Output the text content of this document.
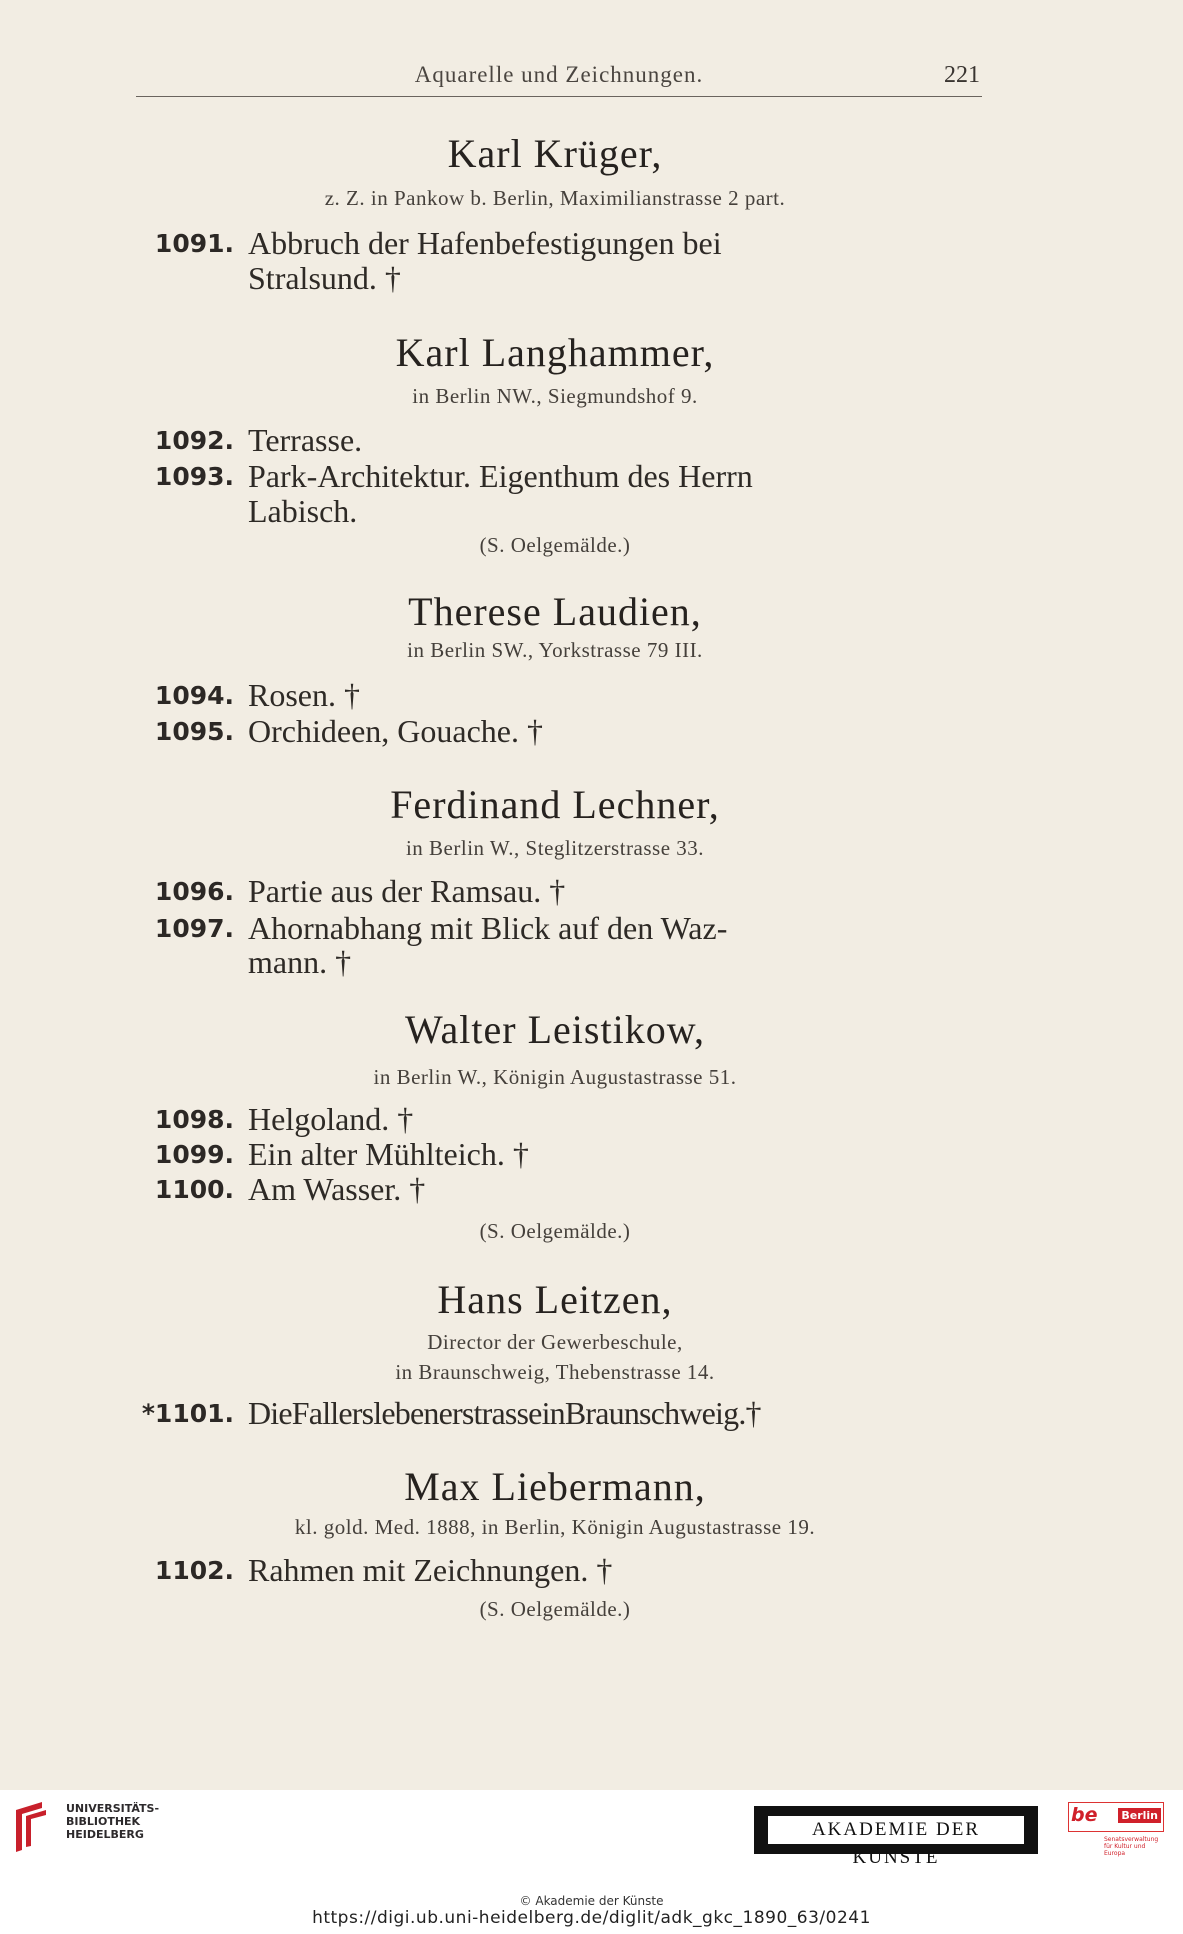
Aquarelle und Zeichnungen.	221
Karl Krüger,
z. Z. in Pankow b. Berlin, Maximilianstrasse 2 part.
1091. Abbruch der Hafenbefestigungen bei
Stralsund. †
Karl Langhammer,
in Berlin NW., Siegmundshof 9.
1092. Terrasse.
1093. Park-Architektur. Eigenthum des Herrn
Labisch.
(S. Oelgemälde.)
Therese Laudien,
in Berlin SW., Yorkstrasse 79 III.
1094. Rosen. †
1095. Orchideen, Gouache. †
Ferdinand Lechner,
in Berlin W., Steglitzerstrasse 33.
1096. Partie aus der Ramsau. †
1097. Ahornabhang mit Blick auf den Waz-
mann. †
Walter Leistikow,
in Berlin W., Königin Augustastrasse 51.
1098. Helgoland. †
1099. Ein alter Mühlteich. †
1100. Am Wasser. †
(S. Oelgemälde.)
Hans Leitzen,
Director der Gewerbeschule,
in Braunschweig, Thebenstrasse 14.
*1101. DieFallerslebenerstrasseinBraunschweig.†
Max Liebermann,
kl. gold. Med. 1888, in Berlin, Königin Augustastrasse 19.
1102. Rahmen mit Zeichnungen. †
(S. Oelgemälde.)
UNIVERSITÄTS-
BIBLIOTHEK
HEIDELBERG	AKADEMIE DER KÜNSTE
be Berlin
Senatsverwaltung für Kultur und Europa
© Akademie der Künste
https://digi.ub.uni-heidelberg.de/diglit/adk_gkc_1890_63/0241
